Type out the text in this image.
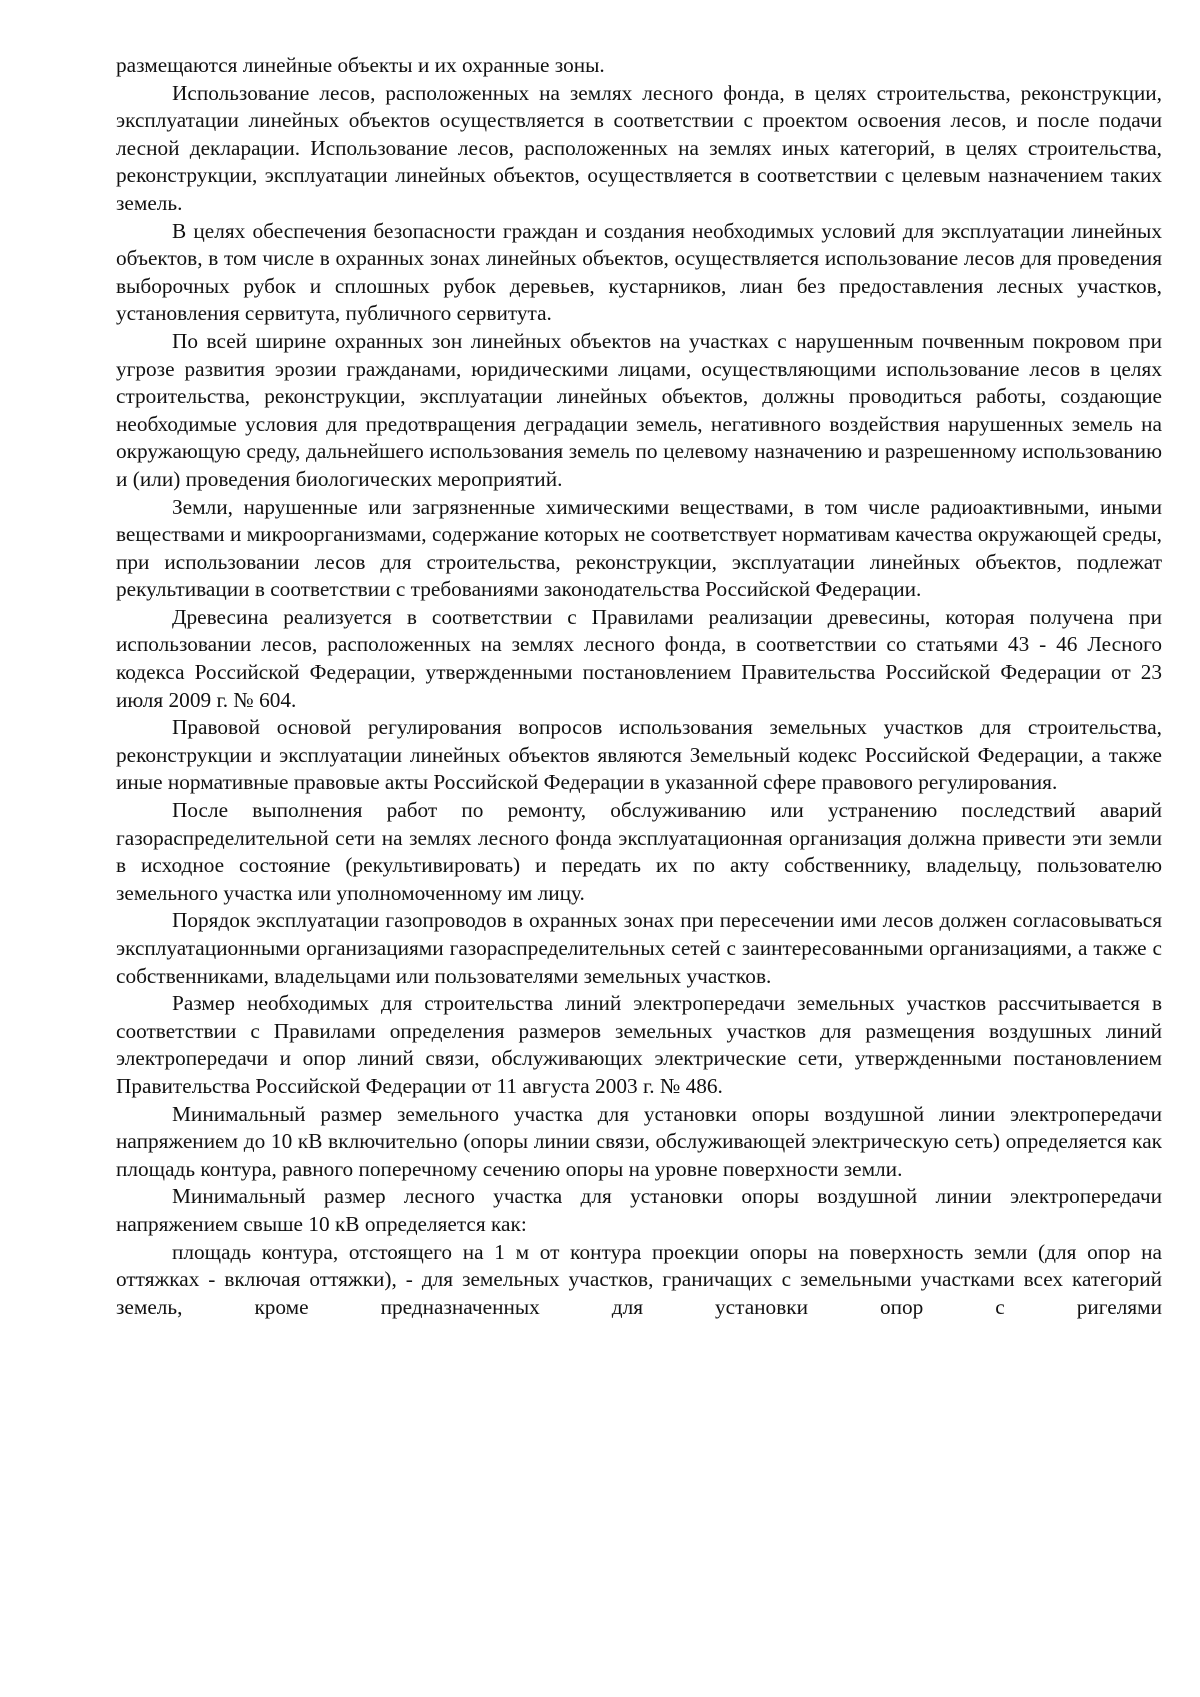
размещаются линейные объекты и их охранные зоны.

Использование лесов, расположенных на землях лесного фонда, в целях строительства, реконструкции, эксплуатации линейных объектов осуществляется в соответствии с проектом освоения лесов, и после подачи лесной декларации. Использование лесов, расположенных на землях иных категорий, в целях строительства, реконструкции, эксплуатации линейных объектов, осуществляется в соответствии с целевым назначением таких земель.

В целях обеспечения безопасности граждан и создания необходимых условий для эксплуатации линейных объектов, в том числе в охранных зонах линейных объектов, осуществляется использование лесов для проведения выборочных рубок и сплошных рубок деревьев, кустарников, лиан без предоставления лесных участков, установления сервитута, публичного сервитута.

По всей ширине охранных зон линейных объектов на участках с нарушенным почвенным покровом при угрозе развития эрозии гражданами, юридическими лицами, осуществляющими использование лесов в целях строительства, реконструкции, эксплуатации линейных объектов, должны проводиться работы, создающие необходимые условия для предотвращения деградации земель, негативного воздействия нарушенных земель на окружающую среду, дальнейшего использования земель по целевому назначению и разрешенному использованию и (или) проведения биологических мероприятий.

Земли, нарушенные или загрязненные химическими веществами, в том числе радиоактивными, иными веществами и микроорганизмами, содержание которых не соответствует нормативам качества окружающей среды, при использовании лесов для строительства, реконструкции, эксплуатации линейных объектов, подлежат рекультивации в соответствии с требованиями законодательства Российской Федерации.

Древесина реализуется в соответствии с Правилами реализации древесины, которая получена при использовании лесов, расположенных на землях лесного фонда, в соответствии со статьями 43 - 46 Лесного кодекса Российской Федерации, утвержденными постановлением Правительства Российской Федерации от 23 июля 2009 г. № 604.

Правовой основой регулирования вопросов использования земельных участков для строительства, реконструкции и эксплуатации линейных объектов являются Земельный кодекс Российской Федерации, а также иные нормативные правовые акты Российской Федерации в указанной сфере правового регулирования.

После выполнения работ по ремонту, обслуживанию или устранению последствий аварий газораспределительной сети на землях лесного фонда эксплуатационная организация должна привести эти земли в исходное состояние (рекультивировать) и передать их по акту собственнику, владельцу, пользователю земельного участка или уполномоченному им лицу.

Порядок эксплуатации газопроводов в охранных зонах при пересечении ими лесов должен согласовываться эксплуатационными организациями газораспределительных сетей с заинтересованными организациями, а также с собственниками, владельцами или пользователями земельных участков.

Размер необходимых для строительства линий электропередачи земельных участков рассчитывается в соответствии с Правилами определения размеров земельных участков для размещения воздушных линий электропередачи и опор линий связи, обслуживающих электрические сети, утвержденными постановлением Правительства Российской Федерации от 11 августа 2003 г. № 486.

Минимальный размер земельного участка для установки опоры воздушной линии электропередачи напряжением до 10 кВ включительно (опоры линии связи, обслуживающей электрическую сеть) определяется как площадь контура, равного поперечному сечению опоры на уровне поверхности земли.

Минимальный размер лесного участка для установки опоры воздушной линии электропередачи напряжением свыше 10 кВ определяется как:

площадь контура, отстоящего на 1 м от контура проекции опоры на поверхность земли (для опор на оттяжках - включая оттяжки), - для земельных участков, граничащих с земельными участками всех категорий земель, кроме предназначенных для установки опор с ригелями
